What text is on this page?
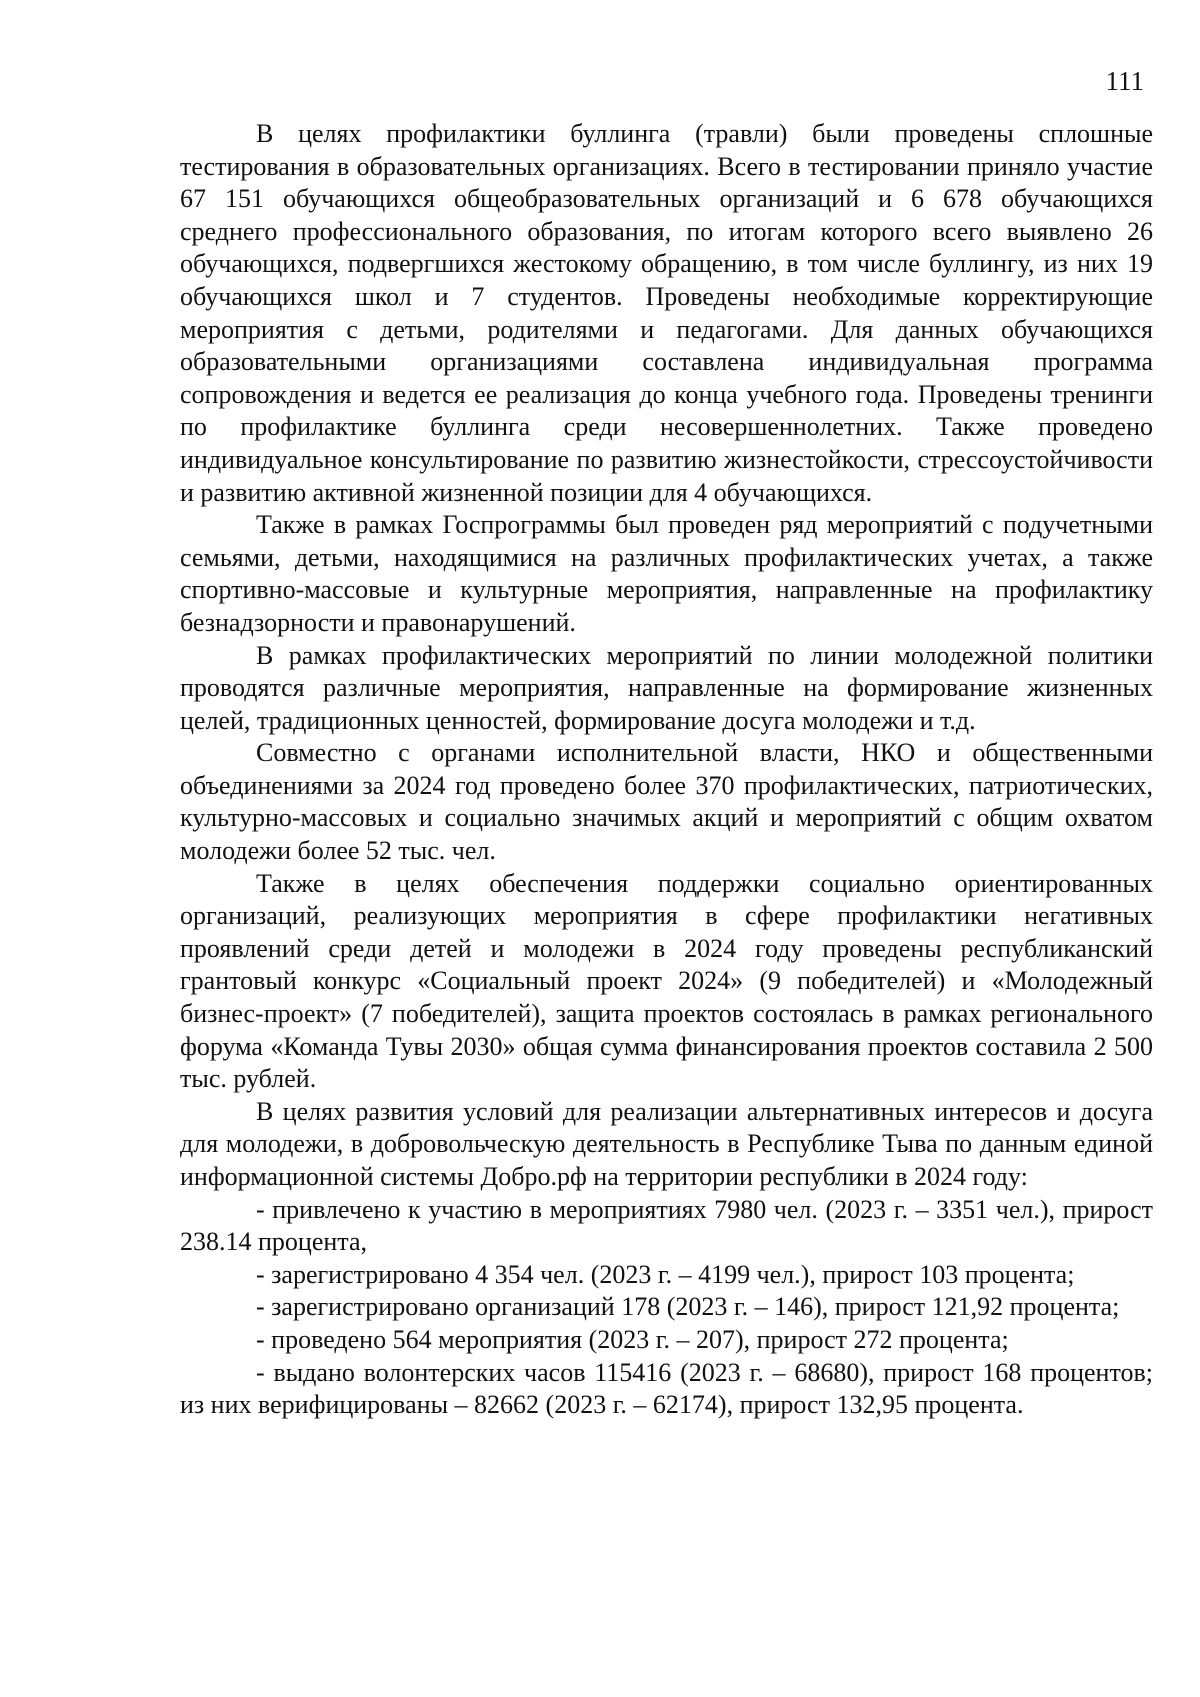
111

В целях профилактики буллинга (травли) были проведены сплошные тестирования в образовательных организациях. Всего в тестировании приняло участие 67 151 обучающихся общеобразовательных организаций и 6 678 обучающихся среднего профессионального образования, по итогам которого всего выявлено 26 обучающихся, подвергшихся жестокому обращению, в том числе буллингу, из них 19 обучающихся школ и 7 студентов. Проведены необходимые корректирующие мероприятия с детьми, родителями и педагогами. Для данных обучающихся образовательными организациями составлена индивидуальная программа сопровождения и ведется ее реализация до конца учебного года. Проведены тренинги по профилактике буллинга среди несовершеннолетних. Также проведено индивидуальное консультирование по развитию жизнестойкости, стрессоустойчивости и развитию активной жизненной позиции для 4 обучающихся.

Также в рамках Госпрограммы был проведен ряд мероприятий с подучетными семьями, детьми, находящимися на различных профилактических учетах, а также спортивно-массовые и культурные мероприятия, направленные на профилактику безнадзорности и правонарушений.

В рамках профилактических мероприятий по линии молодежной политики проводятся различные мероприятия, направленные на формирование жизненных целей, традиционных ценностей, формирование досуга молодежи и т.д.

Совместно с органами исполнительной власти, НКО и общественными объединениями за 2024 год проведено более 370 профилактических, патриотических, культурно-массовых и социально значимых акций и мероприятий с общим охватом молодежи более 52 тыс. чел.

Также в целях обеспечения поддержки социально ориентированных организаций, реализующих мероприятия в сфере профилактики негативных проявлений среди детей и молодежи в 2024 году проведены республиканский грантовый конкурс «Социальный проект 2024» (9 победителей) и «Молодежный бизнес-проект» (7 победителей), защита проектов состоялась в рамках регионального форума «Команда Тувы 2030» общая сумма финансирования проектов составила 2 500 тыс. рублей.

В целях развития условий для реализации альтернативных интересов и досуга для молодежи, в добровольческую деятельность в Республике Тыва по данным единой информационной системы Добро.рф на территории республики в 2024 году:

- привлечено к участию в мероприятиях 7980 чел. (2023 г. – 3351 чел.), прирост 238.14 процента,

- зарегистрировано 4 354 чел. (2023 г. – 4199 чел.), прирост 103 процента;

- зарегистрировано организаций 178 (2023 г. – 146), прирост 121,92 процента;

- проведено 564 мероприятия (2023 г. – 207), прирост 272 процента;

- выдано волонтерских часов 115416 (2023 г. – 68680), прирост 168 процентов; из них верифицированы – 82662 (2023 г. – 62174), прирост 132,95 процента.
